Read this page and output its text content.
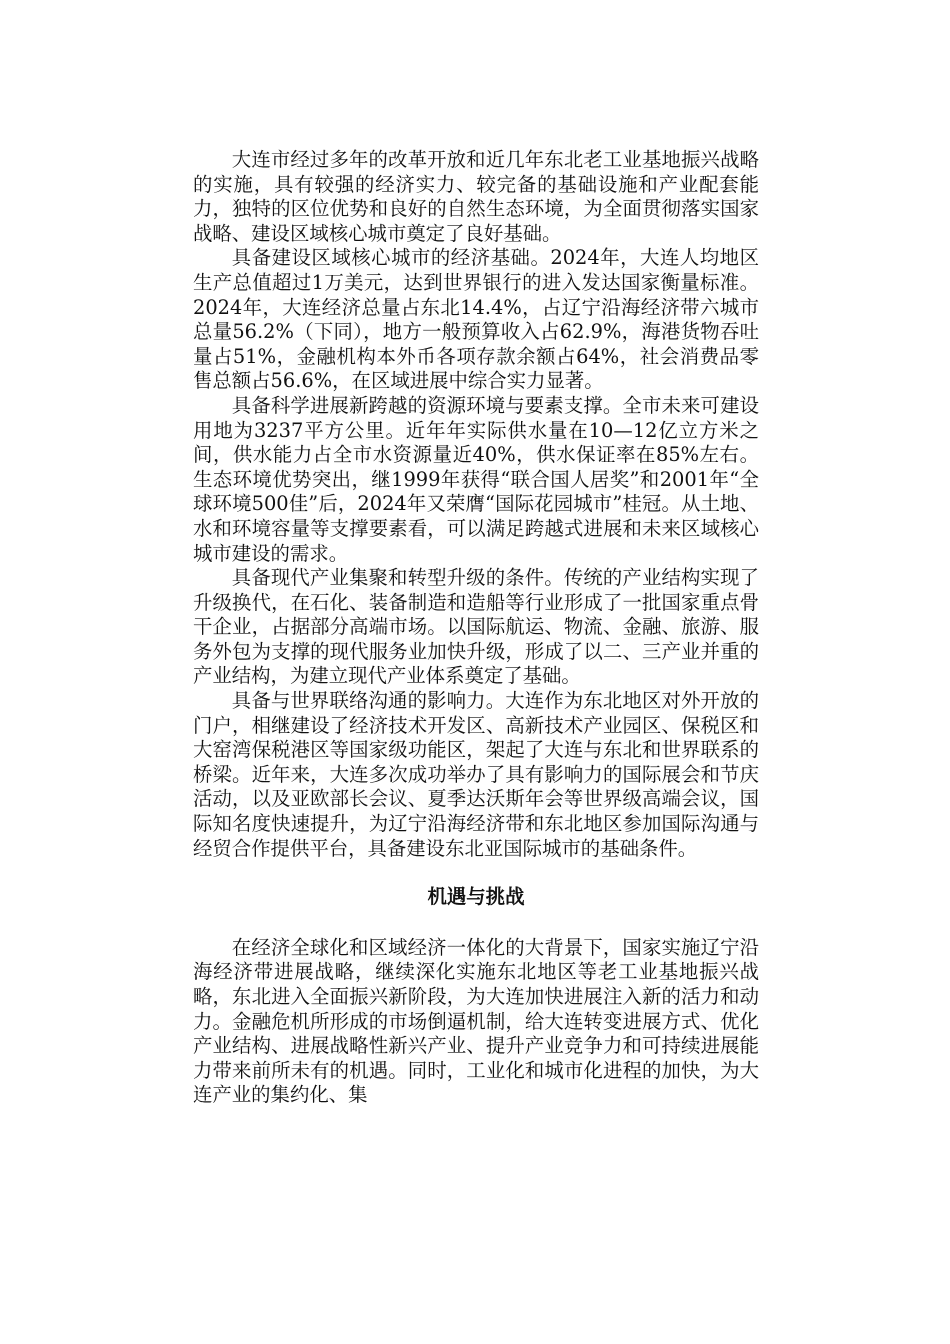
大连市经过多年的改革开放和近几年东北老工业基地振兴战略的实施，具有较强的经济实力、较完备的基础设施和产业配套能力，独特的区位优势和良好的自然生态环境，为全面贯彻落实国家战略、建设区域核心城市奠定了良好基础。

具备建设区域核心城市的经济基础。2024年，大连人均地区生产总值超过1万美元，达到世界银行的进入发达国家衡量标准。2024年，大连经济总量占东北14.4%，占辽宁沿海经济带六城市总量56.2%（下同），地方一般预算收入占62.9%，海港货物吞吐量占51%，金融机构本外币各项存款余额占64%，社会消费品零售总额占56.6%，在区域进展中综合实力显著。

具备科学进展新跨越的资源环境与要素支撑。全市未来可建设用地为3237平方公里。近年年实际供水量在10—12亿立方米之间，供水能力占全市水资源量近40%，供水保证率在85%左右。生态环境优势突出，继1999年获得“联合国人居奖”和2001年“全球环境500佳”后，2024年又荣膺“国际花园城市”桂冠。从土地、水和环境容量等支撑要素看，可以满足跨越式进展和未来区域核心城市建设的需求。

具备现代产业集聚和转型升级的条件。传统的产业结构实现了升级换代，在石化、装备制造和造船等行业形成了一批国家重点骨干企业，占据部分高端市场。以国际航运、物流、金融、旅游、服务外包为支撑的现代服务业加快升级，形成了以二、三产业并重的产业结构，为建立现代产业体系奠定了基础。

具备与世界联络沟通的影响力。大连作为东北地区对外开放的门户，相继建设了经济技术开发区、高新技术产业园区、保税区和大窑湾保税港区等国家级功能区，架起了大连与东北和世界联系的桥梁。近年来，大连多次成功举办了具有影响力的国际展会和节庆活动，以及亚欧部长会议、夏季达沃斯年会等世界级高端会议，国际知名度快速提升，为辽宁沿海经济带和东北地区参加国际沟通与经贸合作提供平台，具备建设东北亚国际城市的基础条件。

机遇与挑战

在经济全球化和区域经济一体化的大背景下，国家实施辽宁沿海经济带进展战略，继续深化实施东北地区等老工业基地振兴战略，东北进入全面振兴新阶段，为大连加快进展注入新的活力和动力。金融危机所形成的市场倒逼机制，给大连转变进展方式、优化产业结构、进展战略性新兴产业、提升产业竞争力和可持续进展能力带来前所未有的机遇。同时，工业化和城市化进程的加快，为大连产业的集约化、集
